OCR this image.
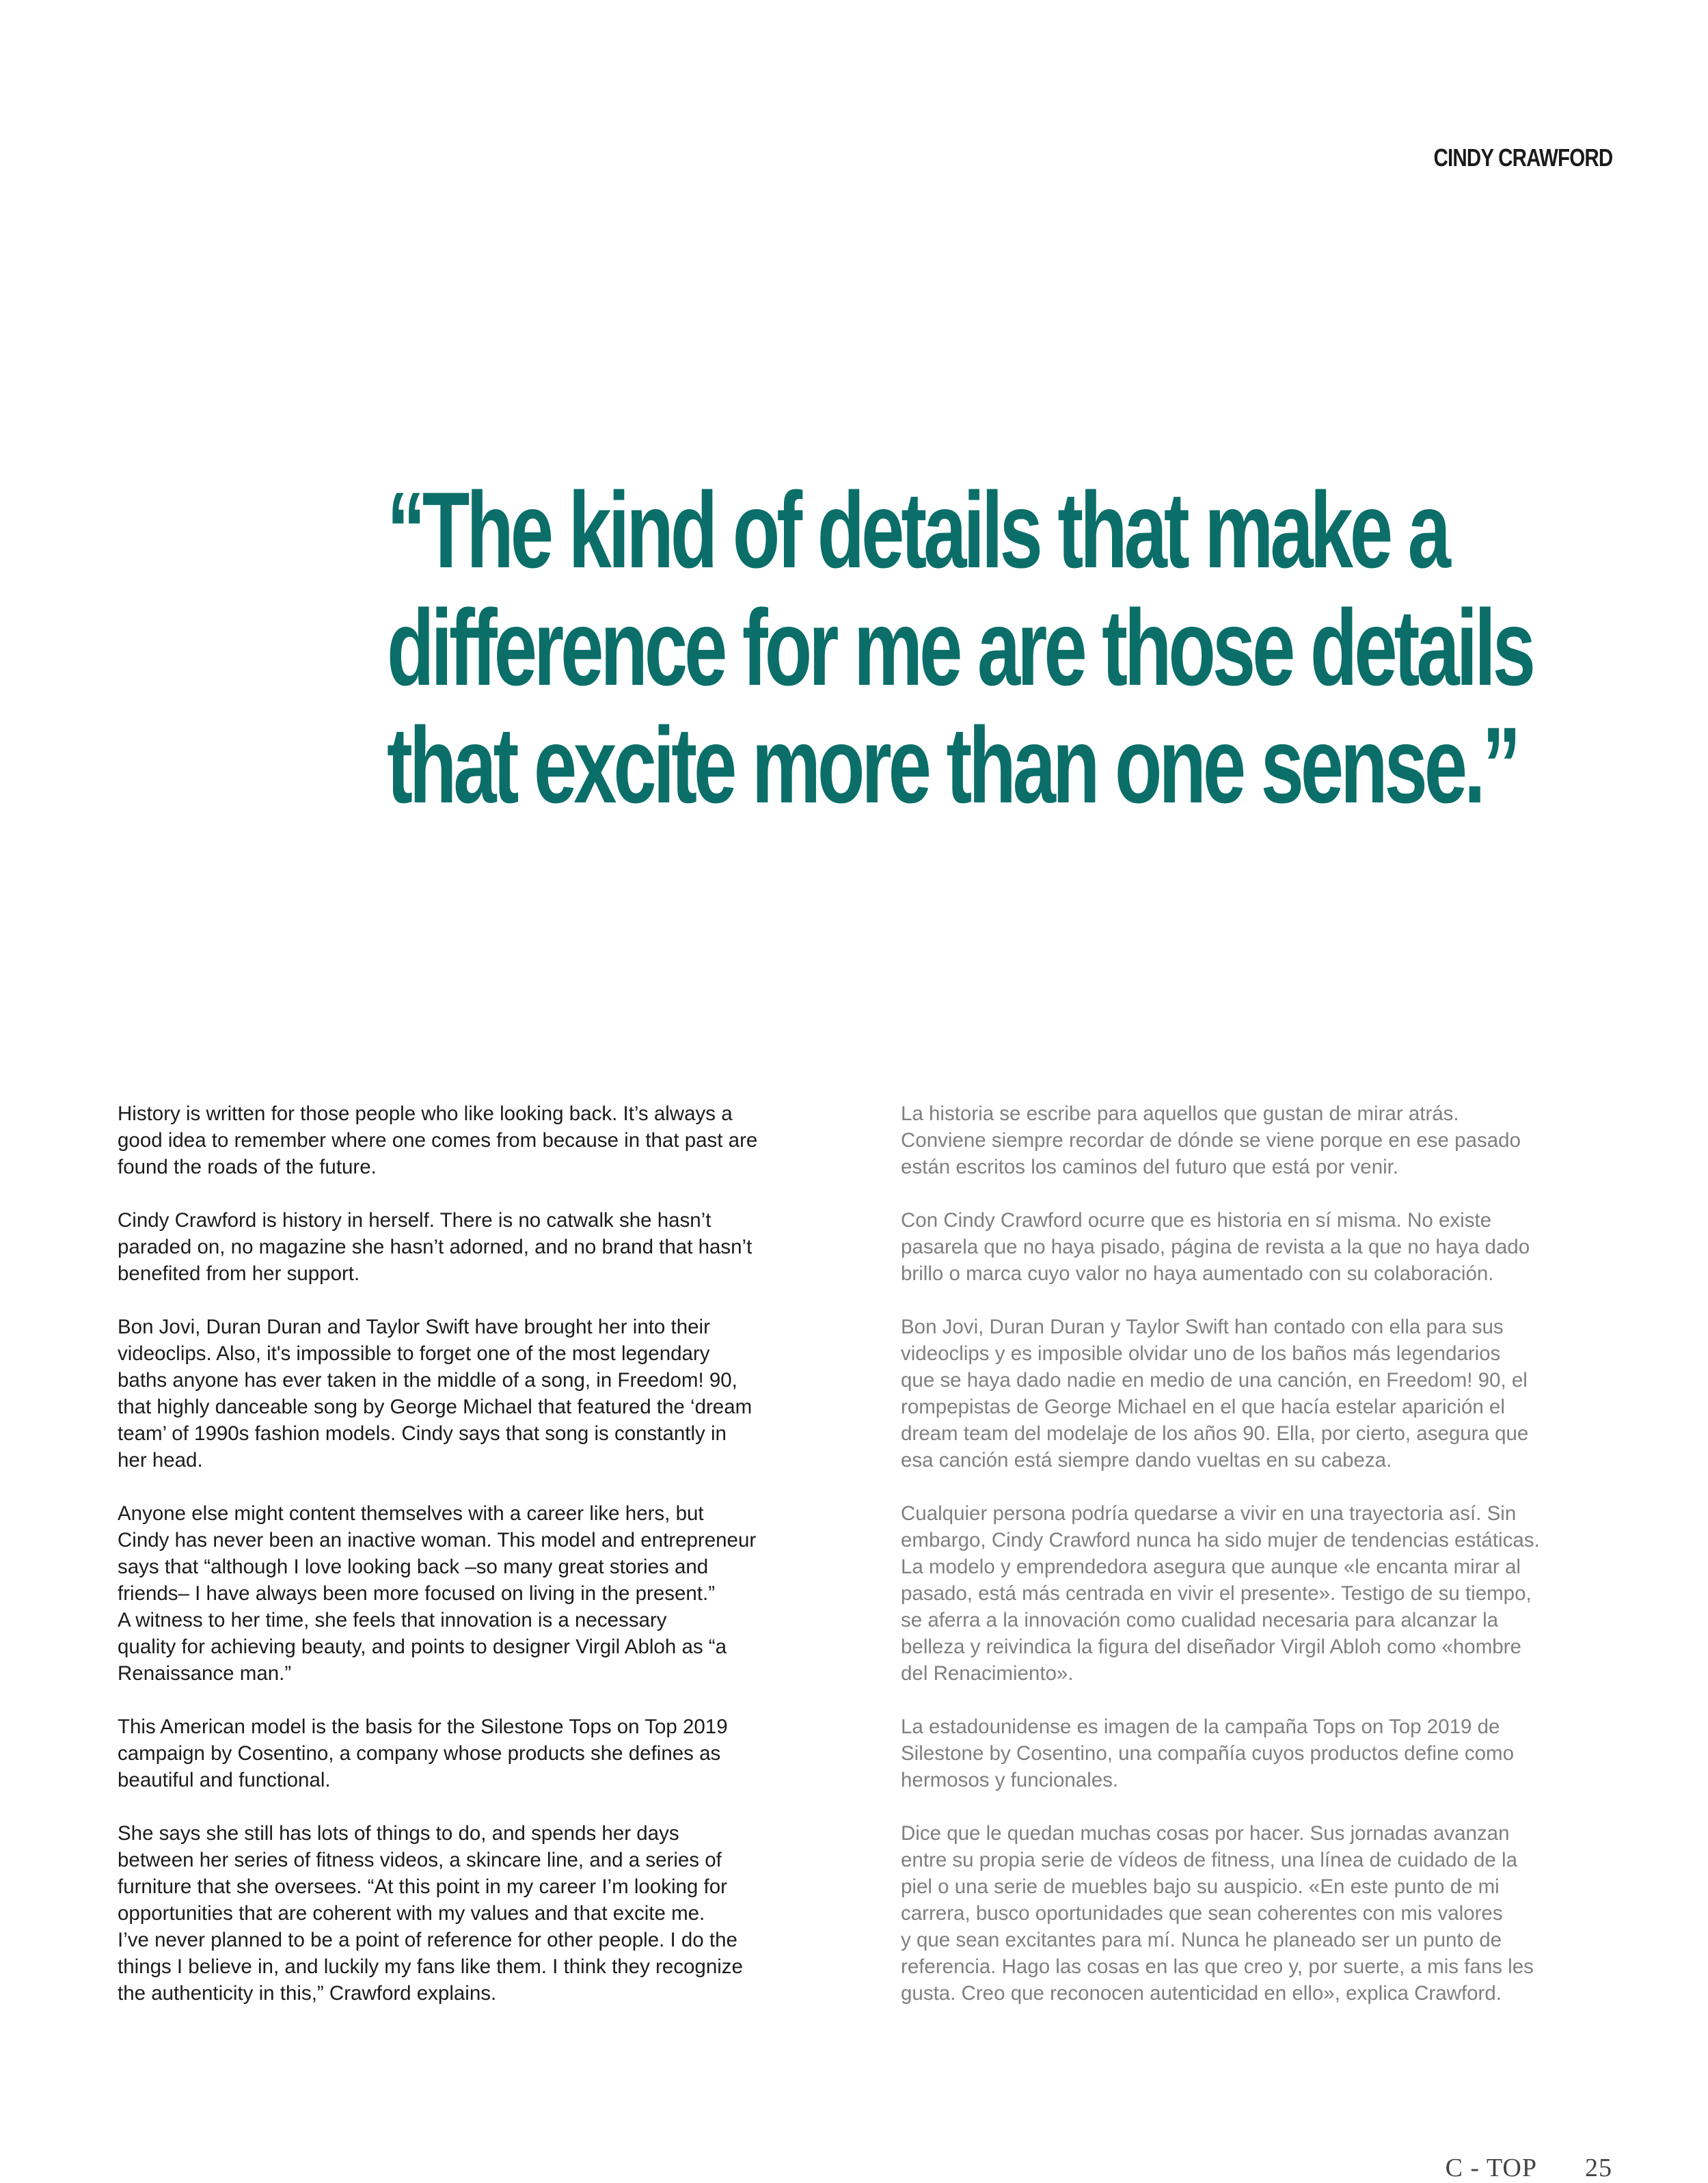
CINDY CRAWFORD
“The kind of details that make a
difference for me are those details
that excite more than one sense.”

History is written for those people who like looking back. It’s always a
good idea to remember where one comes from because in that past are
found the roads of the future.

Cindy Crawford is history in herself. There is no catwalk she hasn’t
paraded on, no magazine she hasn’t adorned, and no brand that hasn’t
benefited from her support.

Bon Jovi, Duran Duran and Taylor Swift have brought her into their
videoclips. Also, it's impossible to forget one of the most legendary
baths anyone has ever taken in the middle of a song, in Freedom! 90,
that highly danceable song by George Michael that featured the ‘dream
team’ of 1990s fashion models. Cindy says that song is constantly in
her head.

Anyone else might content themselves with a career like hers, but
Cindy has never been an inactive woman. This model and entrepreneur
says that “although I love looking back –so many great stories and
friends– I have always been more focused on living in the present.”
A witness to her time, she feels that innovation is a necessary
quality for achieving beauty, and points to designer Virgil Abloh as “a
Renaissance man.”

This American model is the basis for the Silestone Tops on Top 2019
campaign by Cosentino, a company whose products she defines as
beautiful and functional.

She says she still has lots of things to do, and spends her days
between her series of fitness videos, a skincare line, and a series of
furniture that she oversees. “At this point in my career I’m looking for
opportunities that are coherent with my values and that excite me.
I’ve never planned to be a point of reference for other people. I do the
things I believe in, and luckily my fans like them. I think they recognize
the authenticity in this,” Crawford explains.

La historia se escribe para aquellos que gustan de mirar atrás.
Conviene siempre recordar de dónde se viene porque en ese pasado
están escritos los caminos del futuro que está por venir.

Con Cindy Crawford ocurre que es historia en sí misma. No existe
pasarela que no haya pisado, página de revista a la que no haya dado
brillo o marca cuyo valor no haya aumentado con su colaboración.

Bon Jovi, Duran Duran y Taylor Swift han contado con ella para sus
videoclips y es imposible olvidar uno de los baños más legendarios
que se haya dado nadie en medio de una canción, en Freedom! 90, el
rompepistas de George Michael en el que hacía estelar aparición el
dream team del modelaje de los años 90. Ella, por cierto, asegura que
esa canción está siempre dando vueltas en su cabeza.

Cualquier persona podría quedarse a vivir en una trayectoria así. Sin
embargo, Cindy Crawford nunca ha sido mujer de tendencias estáticas.
La modelo y emprendedora asegura que aunque «le encanta mirar al
pasado, está más centrada en vivir el presente». Testigo de su tiempo,
se aferra a la innovación como cualidad necesaria para alcanzar la
belleza y reivindica la figura del diseñador Virgil Abloh como «hombre
del Renacimiento».

La estadounidense es imagen de la campaña Tops on Top 2019 de
Silestone by Cosentino, una compañía cuyos productos define como
hermosos y funcionales.

Dice que le quedan muchas cosas por hacer. Sus jornadas avanzan
entre su propia serie de vídeos de fitness, una línea de cuidado de la
piel o una serie de muebles bajo su auspicio. «En este punto de mi
carrera, busco oportunidades que sean coherentes con mis valores
y que sean excitantes para mí. Nunca he planeado ser un punto de
referencia. Hago las cosas en las que creo y, por suerte, a mis fans les
gusta. Creo que reconocen autenticidad en ello», explica Crawford.

C - TOP 25
